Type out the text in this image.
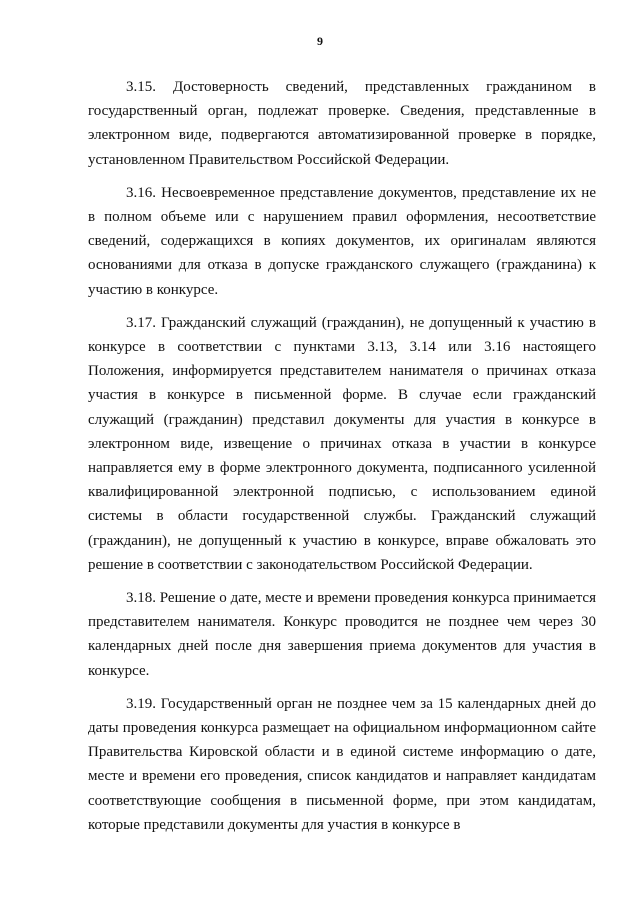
9

3.15. Достоверность сведений, представленных гражданином в государственный орган, подлежат проверке. Сведения, представленные в электронном виде, подвергаются автоматизированной проверке в порядке, установленном Правительством Российской Федерации.

3.16. Несвоевременное представление документов, представление их не в полном объеме или с нарушением правил оформления, несоответствие сведений, содержащихся в копиях документов, их оригиналам являются основаниями для отказа в допуске гражданского служащего (гражданина) к участию в конкурсе.

3.17. Гражданский служащий (гражданин), не допущенный к участию в конкурсе в соответствии с пунктами 3.13, 3.14 или 3.16 настоящего Положения, информируется представителем нанимателя о причинах отказа участия в конкурсе в письменной форме. В случае если гражданский служащий (гражданин) представил документы для участия в конкурсе в электронном виде, извещение о причинах отказа в участии в конкурсе направляется ему в форме электронного документа, подписанного усиленной квалифицированной электронной подписью, с использованием единой системы в области государственной службы. Гражданский служащий (гражданин), не допущенный к участию в конкурсе, вправе обжаловать это решение в соответствии с законодательством Российской Федерации.

3.18. Решение о дате, месте и времени проведения конкурса принимается представителем нанимателя. Конкурс проводится не позднее чем через 30 календарных дней после дня завершения приема документов для участия в конкурсе.

3.19. Государственный орган не позднее чем за 15 календарных дней до даты проведения конкурса размещает на официальном информационном сайте Правительства Кировской области и в единой системе информацию о дате, месте и времени его проведения, список кандидатов и направляет кандидатам соответствующие сообщения в письменной форме, при этом кандидатам, которые представили документы для участия в конкурсе в
